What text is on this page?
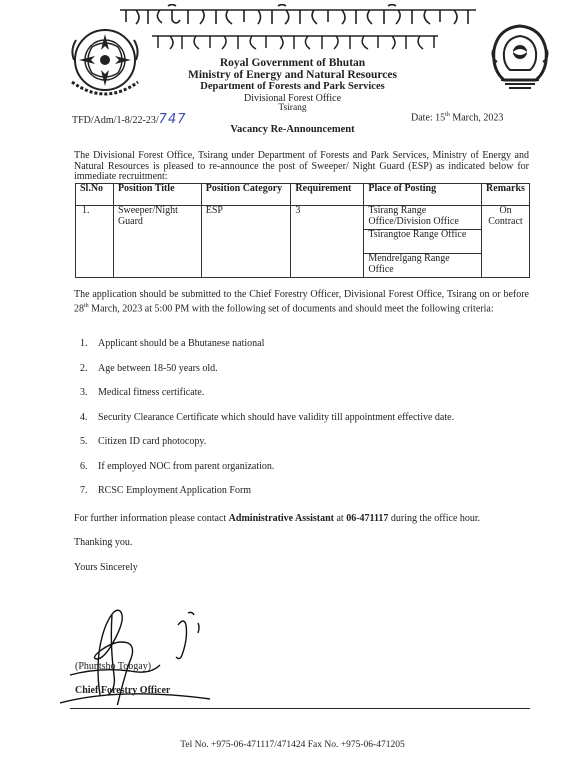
Royal Government of Bhutan
Ministry of Energy and Natural Resources
Department of Forests and Park Services
Divisional Forest Office
Tsirang
TFD/Adm/1-8/22-23/747	Date: 15th March, 2023
Vacancy Re-Announcement
The Divisional Forest Office, Tsirang under Department of Forests and Park Services, Ministry of Energy and Natural Resources is pleased to re-announce the post of Sweeper/ Night Guard (ESP) as indicated below for immediate recruitment:
Sl.No	Position Title	Position Category	Requirement	Place of Posting	Remarks
1.	Sweeper/Night Guard	ESP	3	Tsirang Range Office/Division Office
Tsirangtoe Range Office
Mendrelgang Range Office	On Contract
The application should be submitted to the Chief Forestry Officer, Divisional Forest Office, Tsirang on or before 28th March, 2023 at 5:00 PM with the following set of documents and should meet the following criteria:
1. Applicant should be a Bhutanese national
2. Age between 18-50 years old.
3. Medical fitness certificate.
4. Security Clearance Certificate which should have validity till appointment effective date.
5. Citizen ID card photocopy.
6. If employed NOC from parent organization.
7. RCSC Employment Application Form
For further information please contact Administrative Assistant at 06-471117 during the office hour.
Thanking you.
Yours Sincerely
(Phuntsho Tobgay)
Chief Forestry Officer
Tel No. +975-06-471117/471424 Fax No. +975-06-471205
